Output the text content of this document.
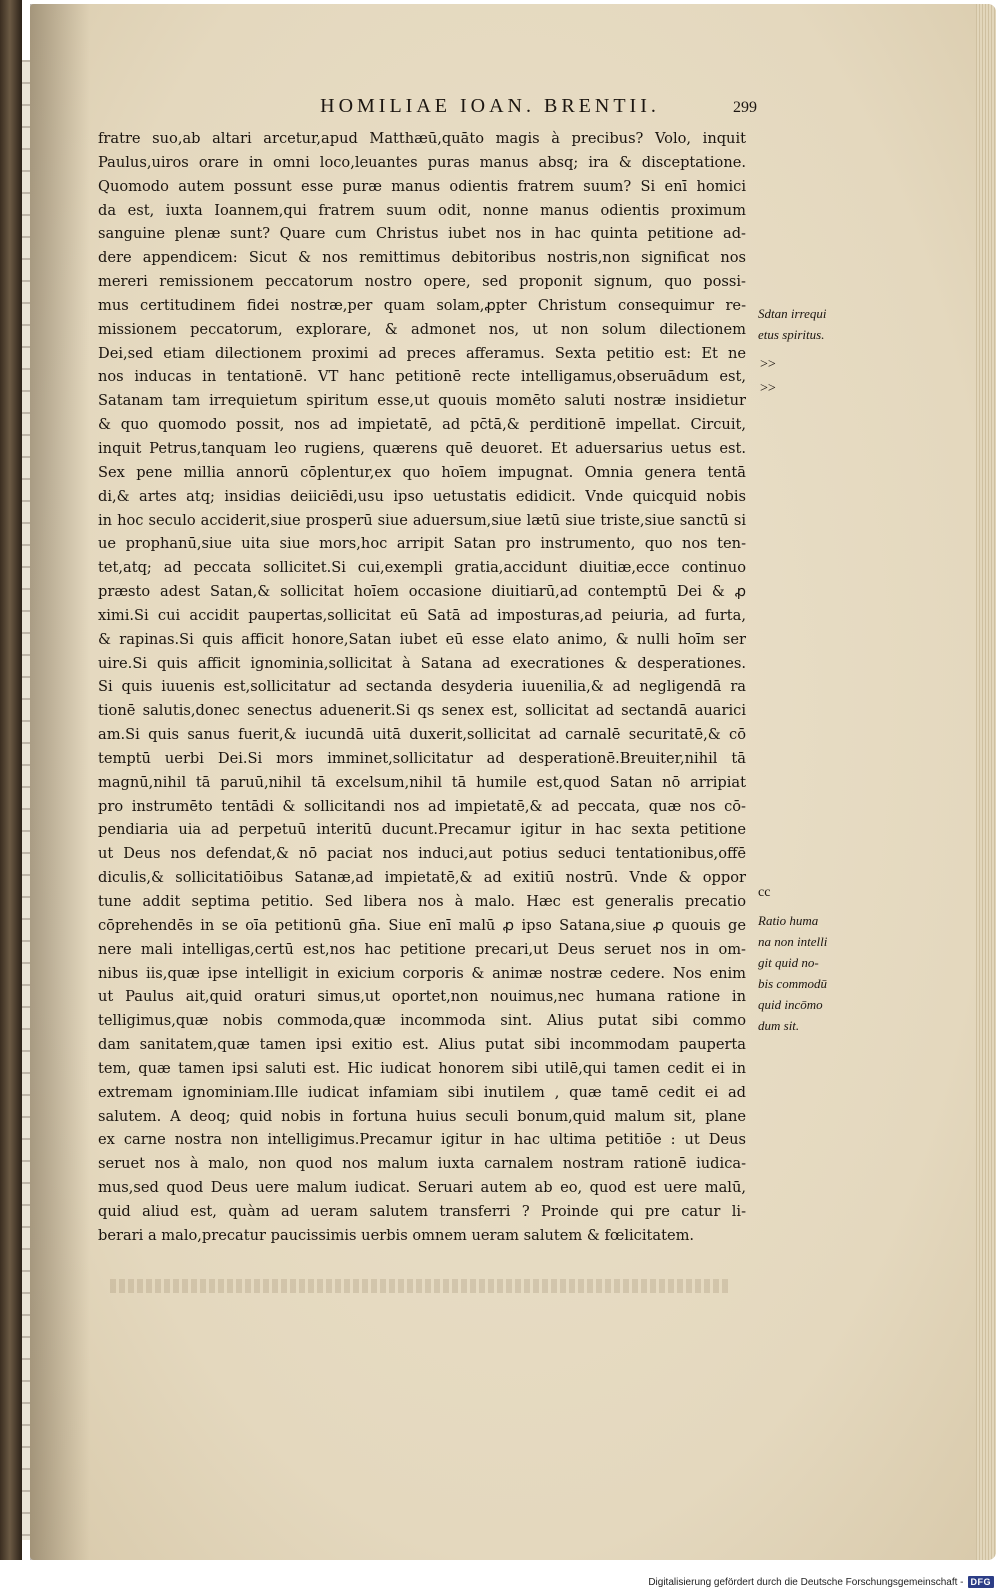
HOMILIAE IOAN. BRENTII.	299
fratre suo,ab altari arcetur,apud Matthæū,quāto magis à precibus? Volo, inquit
Paulus,uiros orare in omni loco,leuantes puras manus absq; ira & disceptatione.
Quomodo autem possunt esse puræ manus odientis fratrem suum? Si enī homici
da est, iuxta Ioannem,qui fratrem suum odit, nonne manus odientis proximum
sanguine plenæ sunt? Quare cum Christus iubet nos in hac quinta petitione ad-
dere appendicem: Sicut & nos remittimus debitoribus nostris,non significat nos
mereri remissionem peccatorum nostro opere, sed proponit signum, quo possi-
mus certitudinem fidei nostræ,per quam solam,ꝓpter Christum consequimur re-
missionem peccatorum, explorare, & admonet nos, ut non solum dilectionem
Dei,sed etiam dilectionem proximi ad preces afferamus. Sexta petitio est: Et ne
nos inducas in tentationē. VT hanc petitionē recte intelligamus,obseruādum est,
Satanam tam irrequietum spiritum esse,ut quouis momēto saluti nostræ insidietur
& quo quomodo possit, nos ad impietatē, ad pc̄tā,& perditionē impellat. Circuit,
inquit Petrus,tanquam leo rugiens, quærens quē deuoret. Et aduersarius uetus est.
Sex pene millia annorū cōplentur,ex quo hoīem impugnat. Omnia genera tentā
di,& artes atq; insidias deiiciēdi,usu ipso uetustatis edidicit. Vnde quicquid nobis
in hoc seculo acciderit,siue prosperū siue aduersum,siue lætū siue triste,siue sanctū si
ue prophanū,siue uita siue mors,hoc arripit Satan pro instrumento, quo nos ten-
tet,atq; ad peccata sollicitet.Si cui,exempli gratia,accidunt diuitiæ,ecce continuo
præsto adest Satan,& sollicitat hoīem occasione diuitiarū,ad contemptū Dei & ꝓ
ximi.Si cui accidit paupertas,sollicitat eū Satā ad imposturas,ad peiuria, ad furta,
& rapinas.Si quis afficit honore,Satan iubet eū esse elato animo, & nulli hoīm ser
uire.Si quis afficit ignominia,sollicitat à Satana ad execrationes & desperationes.
Si quis iuuenis est,sollicitatur ad sectanda desyderia iuuenilia,& ad negligendā ra
tionē salutis,donec senectus aduenerit.Si qs senex est, sollicitat ad sectandā auarici
am.Si quis sanus fuerit,& iucundā uitā duxerit,sollicitat ad carnalē securitatē,& cō
temptū uerbi Dei.Si mors imminet,sollicitatur ad desperationē.Breuiter,nihil tā
magnū,nihil tā paruū,nihil tā excelsum,nihil tā humile est,quod Satan nō arripiat
pro instrumēto tentādi & sollicitandi nos ad impietatē,& ad peccata, quæ nos cō-
pendiaria uia ad perpetuū interitū ducunt.Precamur igitur in hac sexta petitione
ut Deus nos defendat,& nō paciat nos induci,aut potius seduci tentationibus,offē
diculis,& sollicitatiōibus Satanæ,ad impietatē,& ad exitiū nostrū. Vnde & oppor
tune addit septima petitio. Sed libera nos à malo. Hæc est generalis precatio
cōprehendēs in se oīa petitionū gn̄a. Siue enī malū ꝓ ipso Satana,siue ꝓ quouis ge
nere mali intelligas,certū est,nos hac petitione precari,ut Deus seruet nos in om-
nibus iis,quæ ipse intelligit in exicium corporis & animæ nostræ cedere. Nos enim
ut Paulus ait,quid oraturi simus,ut oportet,non nouimus,nec humana ratione in
telligimus,quæ nobis commoda,quæ incommoda sint. Alius putat sibi commo
dam sanitatem,quæ tamen ipsi exitio est. Alius putat sibi incommodam pauperta
tem, quæ tamen ipsi saluti est. Hic iudicat honorem sibi utilē,qui tamen cedit ei in
extremam ignominiam.Ille iudicat infamiam sibi inutilem , quæ tamē cedit ei ad
salutem. A deoq; quid nobis in fortuna huius seculi bonum,quid malum sit, plane
ex carne nostra non intelligimus.Precamur igitur in hac ultima petitiōe : ut Deus
seruet nos à malo, non quod nos malum iuxta carnalem nostram rationē iudica-
mus,sed quod Deus uere malum iudicat. Seruari autem ab eo, quod est uere malū,
quid aliud est, quàm ad ueram salutem transferri ? Proinde qui pre catur li-
berari a malo,precatur paucissimis uerbis omnem ueram salutem & fœlicitatem.
Sdtan irrequi
etus spiritus.
>>
>>
cc
Ratio huma
na non intelli
git quid no-
bis commodū
quid incōmo
dum sit.
Digitalisierung gefördert durch die Deutsche Forschungsgemeinschaft - DFG
